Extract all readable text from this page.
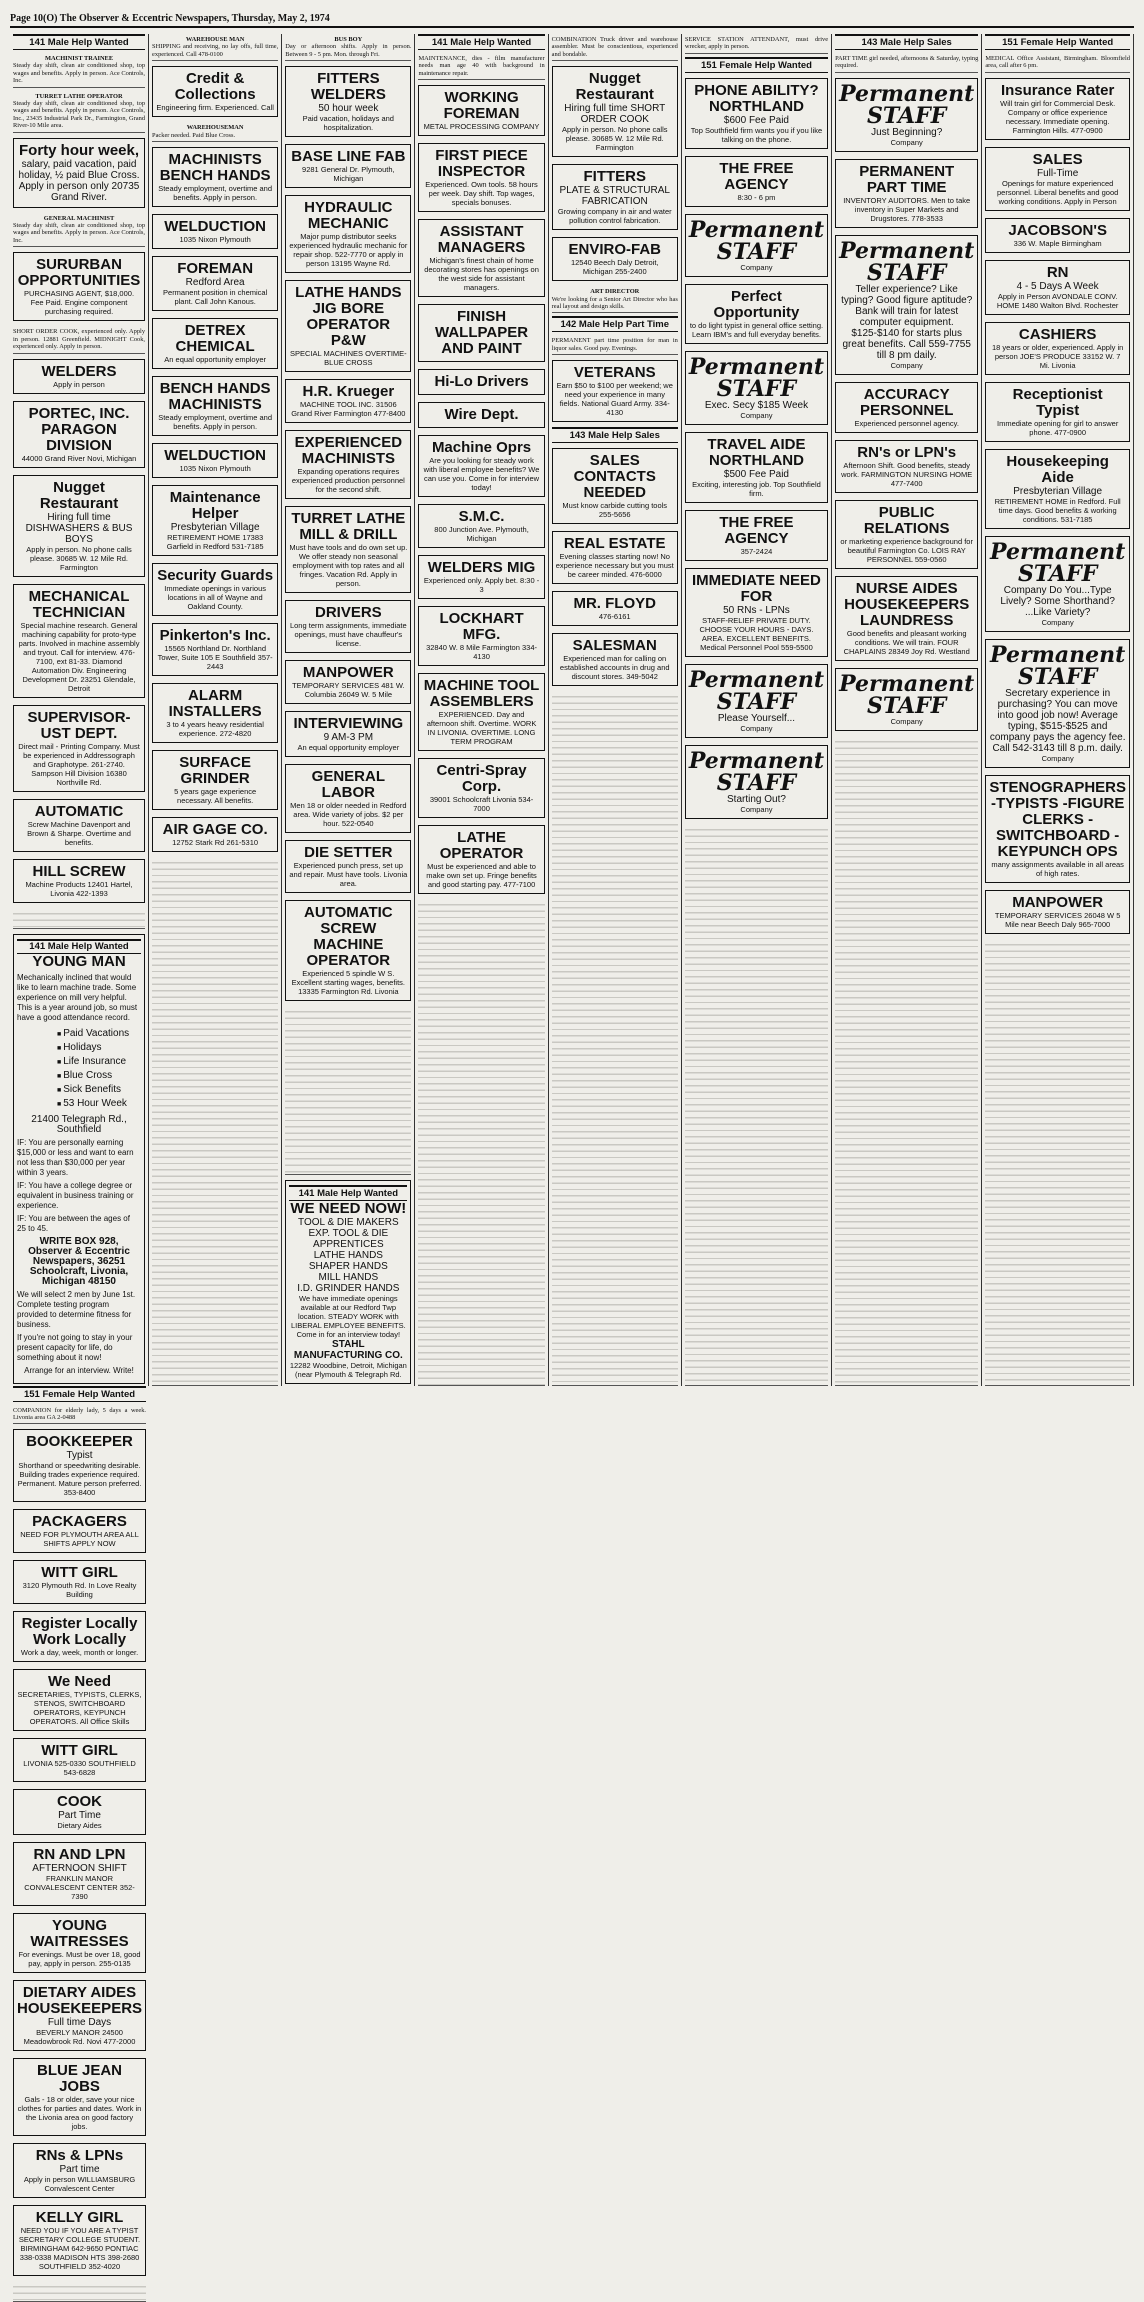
Page 10(O) The Observer & Eccentric Newspapers, Thursday, May 2, 1974
141 Male Help Wanted
MACHINIST TRAINEE
Steady day shift, clean air conditioned shop, top wages and benefits. Apply in person. Ace Controls, Inc.
TURRET LATHE OPERATOR
Steady day shift, clean air conditioned shop, top wages and benefits. Apply in person. Ace Controls, Inc., 23435 Industrial Park Dr., Farmington, Grand River-10 Mile area.
Forty hour week,
salary, paid vacation, paid holiday, ½ paid Blue Cross. Apply in person only 20735 Grand River.
GENERAL MACHINIST
Steady day shift, clean air conditioned shop, top wages and benefits. Apply in person. Ace Controls, Inc.
SURURBAN OPPORTUNITIES
PURCHASING AGENT, $18,000. Fee Paid. Engine component purchasing required.
SHORT ORDER COOK, experienced only. Apply in person. 12881 Greenfield. MIDNIGHT Cook, experienced only. Apply in person.
WELDERS
Apply in person
PORTEC, INC. PARAGON DIVISION
44000 Grand River Novi, Michigan
Nugget Restaurant
Hiring full time DISHWASHERS & BUS BOYS
Apply in person. No phone calls please. 30685 W. 12 Mile Rd. Farmington
MECHANICAL TECHNICIAN
Special machine research. General machining capability for proto-type parts. Involved in machine assembly and tryout. Call for interview. 476-7100, ext 81-33. Diamond Automation Div. Engineering Development Dr. 23251 Glendale, Detroit
SUPERVISOR-UST DEPT.
Direct mail - Printing Company. Must be experienced in Addressograph and Graphotype. 261-2740. Sampson Hill Division 16380 Northville Rd.
AUTOMATIC
Screw Machine Davenport and Brown & Sharpe. Overtime and benefits.
HILL SCREW
Machine Products 12401 Hartel, Livonia 422-1393
141 Male Help Wanted
YOUNG MAN

Mechanically inclined that would like to learn machine trade. Some experience on mill very helpful. This is a year around job, so must have a good attendance record.

■ Paid Vacations
■ Holidays
■ Life Insurance
■ Blue Cross
■ Sick Benefits
■ 53 Hour Week

21400 Telegraph Rd., Southfield

IF: You are personally earning $15,000 or less and want to earn not less than $30,000 per year within 3 years.

IF: You have a college degree or equivalent in business training or experience.

IF: You are between the ages of 25 to 45.

WRITE BOX 928, Observer & Eccentric Newspapers, 36251 Schoolcraft, Livonia, Michigan 48150

We will select 2 men by June 1st. Complete testing program provided to determine fitness for business.

If you're not going to stay in your present capacity for life, do something about it now!

Arrange for an interview. Write!

WAREHOUSE MAN
SHIPPING and receiving, no lay offs, full time, experienced. Call 478-0100
Credit & Collections
Engineering firm. Experienced. Call
WAREHOUSEMAN
Packer needed. Paid Blue Cross.
MACHINISTS BENCH HANDS
Steady employment, overtime and benefits. Apply in person.
WELDUCTION
1035 Nixon Plymouth
FOREMAN
Redford Area
Permanent position in chemical plant. Call John Kanous.
DETREX CHEMICAL
An equal opportunity employer
BENCH HANDS MACHINISTS
Steady employment, overtime and benefits. Apply in person.
WELDUCTION
1035 Nixon Plymouth
Maintenance Helper
Presbyterian Village
RETIREMENT HOME 17383 Garfield in Redford 531-7185
Security Guards
Immediate openings in various locations in all of Wayne and Oakland County.
Pinkerton's Inc.
15565 Northland Dr. Northland Tower, Suite 105 E Southfield 357-2443
ALARM INSTALLERS
3 to 4 years heavy residential experience. 272-4820
SURFACE GRINDER
5 years gage experience necessary. All benefits.
AIR GAGE CO.
12752 Stark Rd 261-5310
BUS BOY
Day or afternoon shifts. Apply in person. Between 9 - 5 pm. Mon. through Fri.
FITTERS WELDERS
50 hour week
Paid vacation, holidays and hospitalization.
BASE LINE FAB
9281 General Dr. Plymouth, Michigan
HYDRAULIC MECHANIC
Major pump distributor seeks experienced hydraulic mechanic for repair shop. 522-7770 or apply in person 13195 Wayne Rd.
LATHE HANDS JIG BORE OPERATOR P&W
SPECIAL MACHINES OVERTIME-BLUE CROSS
H.R. Krueger
MACHINE TOOL INC. 31506 Grand River Farmington 477-8400
EXPERIENCED MACHINISTS
Expanding operations requires experienced production personnel for the second shift.
TURRET LATHE MILL & DRILL
Must have tools and do own set up. We offer steady non seasonal employment with top rates and all fringes. Vacation Rd. Apply in person.
DRIVERS
Long term assignments, immediate openings, must have chauffeur's license.
MANPOWER
TEMPORARY SERVICES 481 W. Columbia 26049 W. 5 Mile
INTERVIEWING
9 AM-3 PM
An equal opportunity employer
GENERAL LABOR
Men 18 or older needed in Redford area. Wide variety of jobs. $2 per hour. 522-0540
DIE SETTER
Experienced punch press, set up and repair. Must have tools. Livonia area.
AUTOMATIC SCREW MACHINE OPERATOR
Experienced 5 spindle W S. Excellent starting wages, benefits. 13335 Farmington Rd. Livonia
141 Male Help Wanted
WE NEED NOW!
TOOL & DIE MAKERS
EXP. TOOL & DIE APPRENTICES
LATHE HANDS
SHAPER HANDS
MILL HANDS
I.D. GRINDER HANDS
We have immediate openings available at our Redford Twp location. STEADY WORK with LIBERAL EMPLOYEE BENEFITS.
Come in for an interview today!
STAHL MANUFACTURING CO.
12282 Woodbine, Detroit, Michigan (near Plymouth & Telegraph Rd.
141 Male Help Wanted
MAINTENANCE, dies - film manufacturer needs man age 40 with background in maintenance repair.
WORKING FOREMAN
METAL PROCESSING COMPANY
FIRST PIECE INSPECTOR
Experienced. Own tools. 58 hours per week. Day shift. Top wages, specials bonuses.
ASSISTANT MANAGERS
Michigan's finest chain of home decorating stores has openings on the west side for assistant managers.
FINISH WALLPAPER AND PAINT
Hi-Lo Drivers
Wire Dept.
Machine Oprs
Are you looking for steady work with liberal employee benefits? We can use you. Come in for interview today!
S.M.C.
800 Junction Ave. Plymouth, Michigan
WELDERS MIG
Experienced only. Apply bet. 8:30 - 3
LOCKHART MFG.
32840 W. 8 Mile Farmington 334-4130
MACHINE TOOL ASSEMBLERS
EXPERIENCED. Day and afternoon shift. Overtime. WORK IN LIVONIA. OVERTIME. LONG TERM PROGRAM
Centri-Spray Corp.
39001 Schoolcraft Livonia 534-7000
LATHE OPERATOR
Must be experienced and able to make own set up. Fringe benefits and good starting pay. 477-7100
COMBINATION Truck driver and warehouse assembler. Must be conscientious, experienced and bondable.
Nugget Restaurant
Hiring full time SHORT ORDER COOK
Apply in person. No phone calls please. 30685 W. 12 Mile Rd. Farmington
FITTERS
PLATE & STRUCTURAL FABRICATION
Growing company in air and water pollution control fabrication.
ENVIRO-FAB
12540 Beech Daly Detroit, Michigan 255-2400
ART DIRECTOR
We're looking for a Senior Art Director who has real layout and design skills.
142 Male Help Part Time
PERMANENT part time position for man in liquor sales. Good pay. Evenings.
VETERANS
Earn $50 to $100 per weekend; we need your experience in many fields. National Guard Army. 334-4130
143 Male Help Sales
SALES CONTACTS NEEDED
Must know carbide cutting tools 255-5656
REAL ESTATE
Evening classes starting now! No experience necessary but you must be career minded. 476-6000
MR. FLOYD
476-6161
SALESMAN
Experienced man for calling on established accounts in drug and discount stores. 349-5042
SERVICE STATION ATTENDANT, must drive wrecker, apply in person.
151 Female Help Wanted
PHONE ABILITY? NORTHLAND
$600 Fee Paid
Top Southfield firm wants you if you like talking on the phone.
THE FREE AGENCY
8:30 - 6 pm
Permanent STAFF
Company
Perfect Opportunity
to do light typist in general office setting. Learn IBM's and full everyday benefits.
Permanent STAFF
Exec. Secy $185 Week
Company
TRAVEL AIDE NORTHLAND
$500 Fee Paid
Exciting, interesting job. Top Southfield firm.
THE FREE AGENCY
357-2424
IMMEDIATE NEED FOR
50 RNs - LPNs
STAFF-RELIEF PRIVATE DUTY. CHOOSE YOUR HOURS - DAYS. AREA. EXCELLENT BENEFITS. Medical Personnel Pool 559-5500
Permanent STAFF
Please Yourself...
Company
Permanent STAFF
Starting Out?
Company
143 Male Help Sales
PART TIME girl needed, afternoons & Saturday, typing required.
Permanent STAFF
Just Beginning?
Company
PERMANENT PART TIME
INVENTORY AUDITORS. Men to take inventory in Super Markets and Drugstores. 778-3533
Permanent STAFF
Teller experience? Like typing? Good figure aptitude? Bank will train for latest computer equipment. $125-$140 for starts plus great benefits. Call 559-7755 till 8 pm daily.
Company
ACCURACY PERSONNEL
Experienced personnel agency.
RN's or LPN's
Afternoon Shift. Good benefits, steady work. FARMINGTON NURSING HOME 477-7400
PUBLIC RELATIONS
or marketing experience background for beautiful Farmington Co. LOIS RAY PERSONNEL 559-0560
NURSE AIDES HOUSEKEEPERS LAUNDRESS
Good benefits and pleasant working conditions. We will train. FOUR CHAPLAINS 28349 Joy Rd. Westland
Permanent STAFF
Company
151 Female Help Wanted
MEDICAL Office Assistant, Birmingham. Bloomfield area, call after 6 pm.
Insurance Rater
Will train girl for Commercial Desk. Company or office experience necessary. Immediate opening. Farmington Hills. 477-0900
SALES
Full-Time
Openings for mature experienced personnel. Liberal benefits and good working conditions. Apply in Person
JACOBSON'S
336 W. Maple Birmingham
RN
4 - 5 Days A Week
Apply in Person AVONDALE CONV. HOME 1480 Walton Blvd. Rochester
CASHIERS
18 years or older, experienced. Apply in person JOE'S PRODUCE 33152 W. 7 Mi. Livonia
Receptionist Typist
Immediate opening for girl to answer phone. 477-0900
Housekeeping Aide
Presbyterian Village
RETIREMENT HOME in Redford. Full time days. Good benefits & working conditions. 531-7185
Permanent STAFF
Company Do You...Type Lively? Some Shorthand? ...Like Variety?
Company
Permanent STAFF
Secretary experience in purchasing? You can move into good job now! Average typing, $515-$525 and company pays the agency fee. Call 542-3143 till 8 p.m. daily.
Company
STENOGRAPHERS -TYPISTS -FIGURE CLERKS -SWITCHBOARD -KEYPUNCH OPS
many assignments available in all areas of high rates.
MANPOWER
TEMPORARY SERVICES 26048 W 5 Mile near Beech Daly 965-7000
151 Female Help Wanted
COMPANION for elderly lady, 5 days a week. Livonia area GA 2-0488
BOOKKEEPER
Typist
Shorthand or speedwriting desirable. Building trades experience required. Permanent. Mature person preferred. 353-8400
PACKAGERS
NEED FOR PLYMOUTH AREA ALL SHIFTS APPLY NOW
WITT GIRL
3120 Plymouth Rd. In Love Realty Building
Register Locally Work Locally
Work a day, week, month or longer.
We Need
SECRETARIES, TYPISTS, CLERKS, STENOS, SWITCHBOARD OPERATORS, KEYPUNCH OPERATORS. All Office Skills
WITT GIRL
LIVONIA 525-0330 SOUTHFIELD 543-6828
COOK
Part Time
Dietary Aides
RN AND LPN
AFTERNOON SHIFT
FRANKLIN MANOR CONVALESCENT CENTER 352-7390
YOUNG WAITRESSES
For evenings. Must be over 18, good pay, apply in person. 255-0135
DIETARY AIDES HOUSEKEEPERS
Full time Days
BEVERLY MANOR 24500 Meadowbrook Rd. Novi 477-2000
BLUE JEAN JOBS
Gals - 18 or older, save your nice clothes for parties and dates. Work in the Livonia area on good factory jobs.
RNs & LPNs
Part time
Apply in person WILLIAMSBURG Convalescent Center
KELLY GIRL
NEED YOU IF YOU ARE A TYPIST SECRETARY COLLEGE STUDENT. BIRMINGHAM 642-9650 PONTIAC 338-0338 MADISON HTS 398-2680 SOUTHFIELD 352-4020
